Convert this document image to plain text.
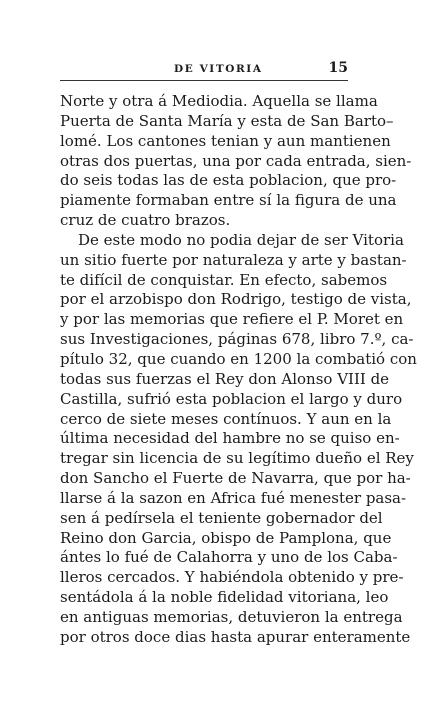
DE VITORIA	15
Norte y otra á Mediodia. Aquella se llama
Puerta de Santa María y esta de San Barto–
lomé. Los cantones tenian y aun mantienen
otras dos puertas, una por cada entrada, sien-
do seis todas las de esta poblacion, que pro-
piamente formaban entre sí la figura de una
cruz de cuatro brazos.
De este modo no podia dejar de ser Vitoria
un sitio fuerte por naturaleza y arte y bastan-
te difícil de conquistar. En efecto, sabemos
por el arzobispo don Rodrigo, testigo de vista,
y por las memorias que refiere el P. Moret en
sus Investigaciones, páginas 678, libro 7.º, ca-
pítulo 32, que cuando en 1200 la combatió con
todas sus fuerzas el Rey don Alonso VIII de
Castilla, sufrió esta poblacion el largo y duro
cerco de siete meses contínuos. Y aun en la
última necesidad del hambre no se quiso en-
tregar sin licencia de su legítimo dueño el Rey
don Sancho el Fuerte de Navarra, que por ha-
llarse á la sazon en Africa fué menester pasa-
sen á pedírsela el teniente gobernador del
Reino don Garcia, obispo de Pamplona, que
ántes lo fué de Calahorra y uno de los Caba-
lleros cercados. Y habiéndola obtenido y pre-
sentádola á la noble fidelidad vitoriana, leo
en antiguas memorias, detuvieron la entrega
por otros doce dias hasta apurar enteramente
